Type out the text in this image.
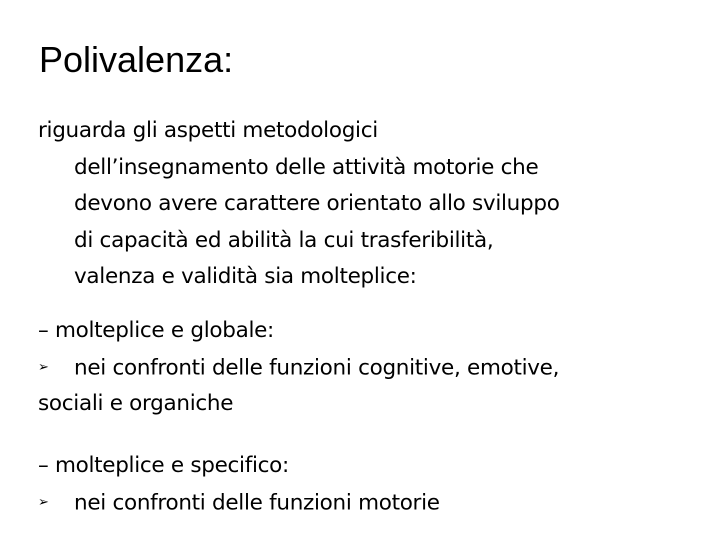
Polivalenza:
riguarda gli aspetti metodologici
dell’insegnamento delle attività motorie che
devono avere carattere orientato allo sviluppo
di capacità ed abilità la cui trasferibilità,
valenza e validità sia molteplice:
– molteplice e globale:
➢ nei confronti delle funzioni cognitive, emotive,
sociali e organiche
– molteplice e specifico:
➢ nei confronti delle funzioni motorie
